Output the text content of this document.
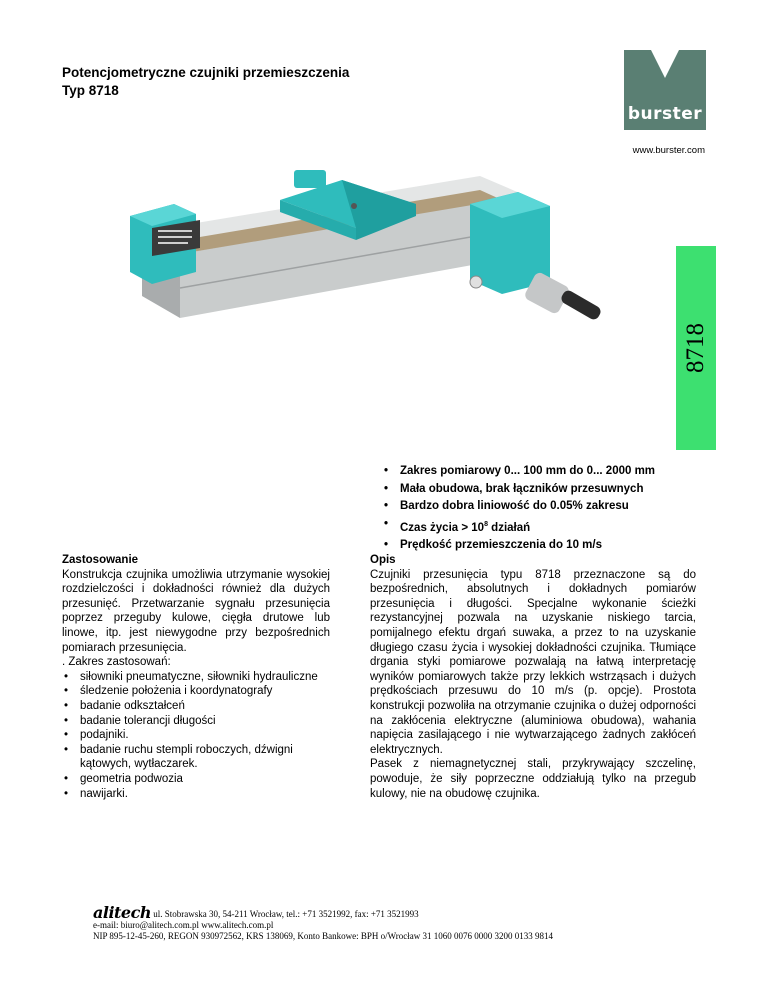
Potencjometryczne czujniki przemieszczenia
Typ 8718
burster
www.burster.com
8718
• Zakres pomiarowy 0... 100 mm do 0... 2000 mm
• Mała obudowa, brak łączników przesuwnych
• Bardzo dobra liniowość do 0.05% zakresu
• Czas życia > $10^8$ działań
• Prędkość przemieszczenia do 10 m/s
Zastosowanie

Konstrukcja czujnika umożliwia utrzymanie wysokiej rozdzielczości i dokładności również dla dużych przesunięć. Przetwarzanie sygnału przesunięcia poprzez przeguby kulowe, cięgła drutowe lub linowe, itp. jest niewygodne przy bezpośrednich pomiarach przesunięcia.

. Zakres zastosowań:
• siłowniki pneumatyczne, siłowniki hydrauliczne
• śledzenie położenia i koordynatografy
• badanie odkształceń
• badanie tolerancji długości
• podajniki.
• badanie ruchu stempli roboczych, dźwigni kątowych, wytłaczarek.
• geometria podwozia
• nawijarki.
Opis

Czujniki przesunięcia typu 8718 przeznaczone są do bezpośrednich, absolutnych i dokładnych pomiarów przesunięcia i długości. Specjalne wykonanie ścieżki rezystancyjnej pozwala na uzyskanie niskiego tarcia, pomijalnego efektu drgań suwaka, a przez to na uzyskanie długiego czasu życia i wysokiej dokładności czujnika. Tłumiące drgania styki pomiarowe pozwalają na łatwą interpretację wyników pomiarowych także przy lekkich wstrząsach i dużych prędkościach przesuwu do 10 m/s (p. opcje). Prostota konstrukcji pozwoliła na otrzymanie czujnika o dużej odporności na zakłócenia elektryczne (aluminiowa obudowa), wahania napięcia zasilającego i nie wytwarzającego żadnych zakłóceń elektrycznych.

Pasek z niemagnetycznej stali, przykrywający szczelinę, powoduje, że siły poprzeczne oddziałują tylko na przegub kulowy, nie na obudowę czujnika.

alitech ul. Stobrawska 30, 54-211 Wrocław, tel.: +71 3521992, fax: +71 3521993
e-mail: biuro@alitech.com.pl www.alitech.com.pl
NIP 895-12-45-260, REGON 930972562, KRS 138069, Konto Bankowe: BPH o/Wrocław 31 1060 0076 0000 3200 0133 9814
